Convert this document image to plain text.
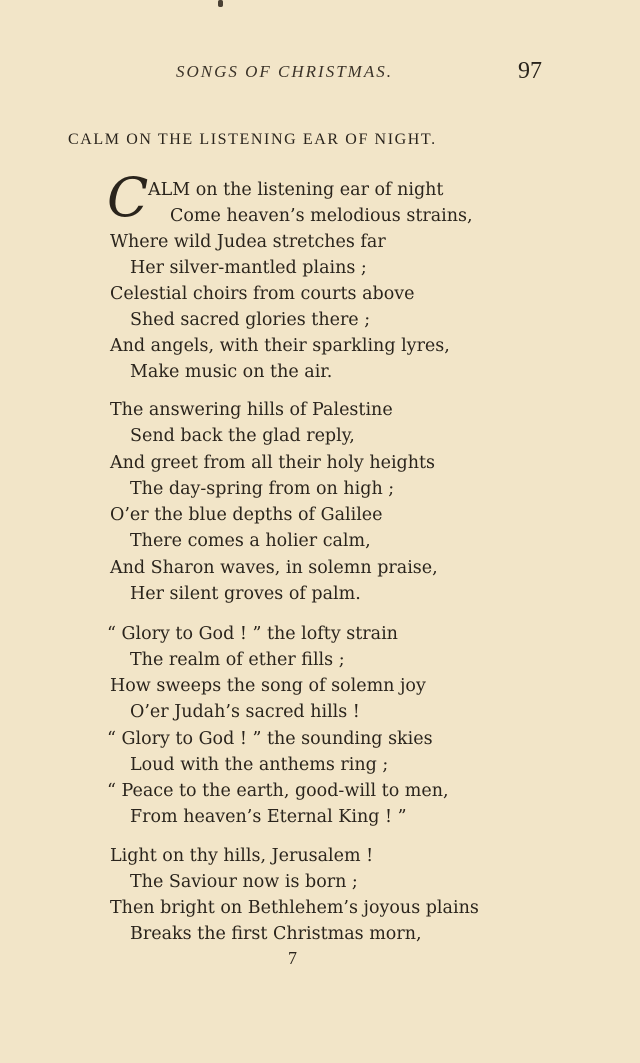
SONGS OF CHRISTMAS.	97
CALM ON THE LISTENING EAR OF NIGHT.
C ALM on the listening ear of night
Come heaven’s melodious strains,
Where wild Judea stretches far
Her silver-mantled plains ;
Celestial choirs from courts above
Shed sacred glories there ;
And angels, with their sparkling lyres,
Make music on the air.
The answering hills of Palestine
Send back the glad reply,
And greet from all their holy heights
The day-spring from on high ;
O’er the blue depths of Galilee
There comes a holier calm,
And Sharon waves, in solemn praise,
Her silent groves of palm.
“ Glory to God ! ” the lofty strain
The realm of ether fills ;
How sweeps the song of solemn joy
O’er Judah’s sacred hills !
“ Glory to God ! ” the sounding skies
Loud with the anthems ring ;
“ Peace to the earth, good-will to men,
From heaven’s Eternal King ! ”
Light on thy hills, Jerusalem !
The Saviour now is born ;
Then bright on Bethlehem’s joyous plains
Breaks the first Christmas morn,
7
